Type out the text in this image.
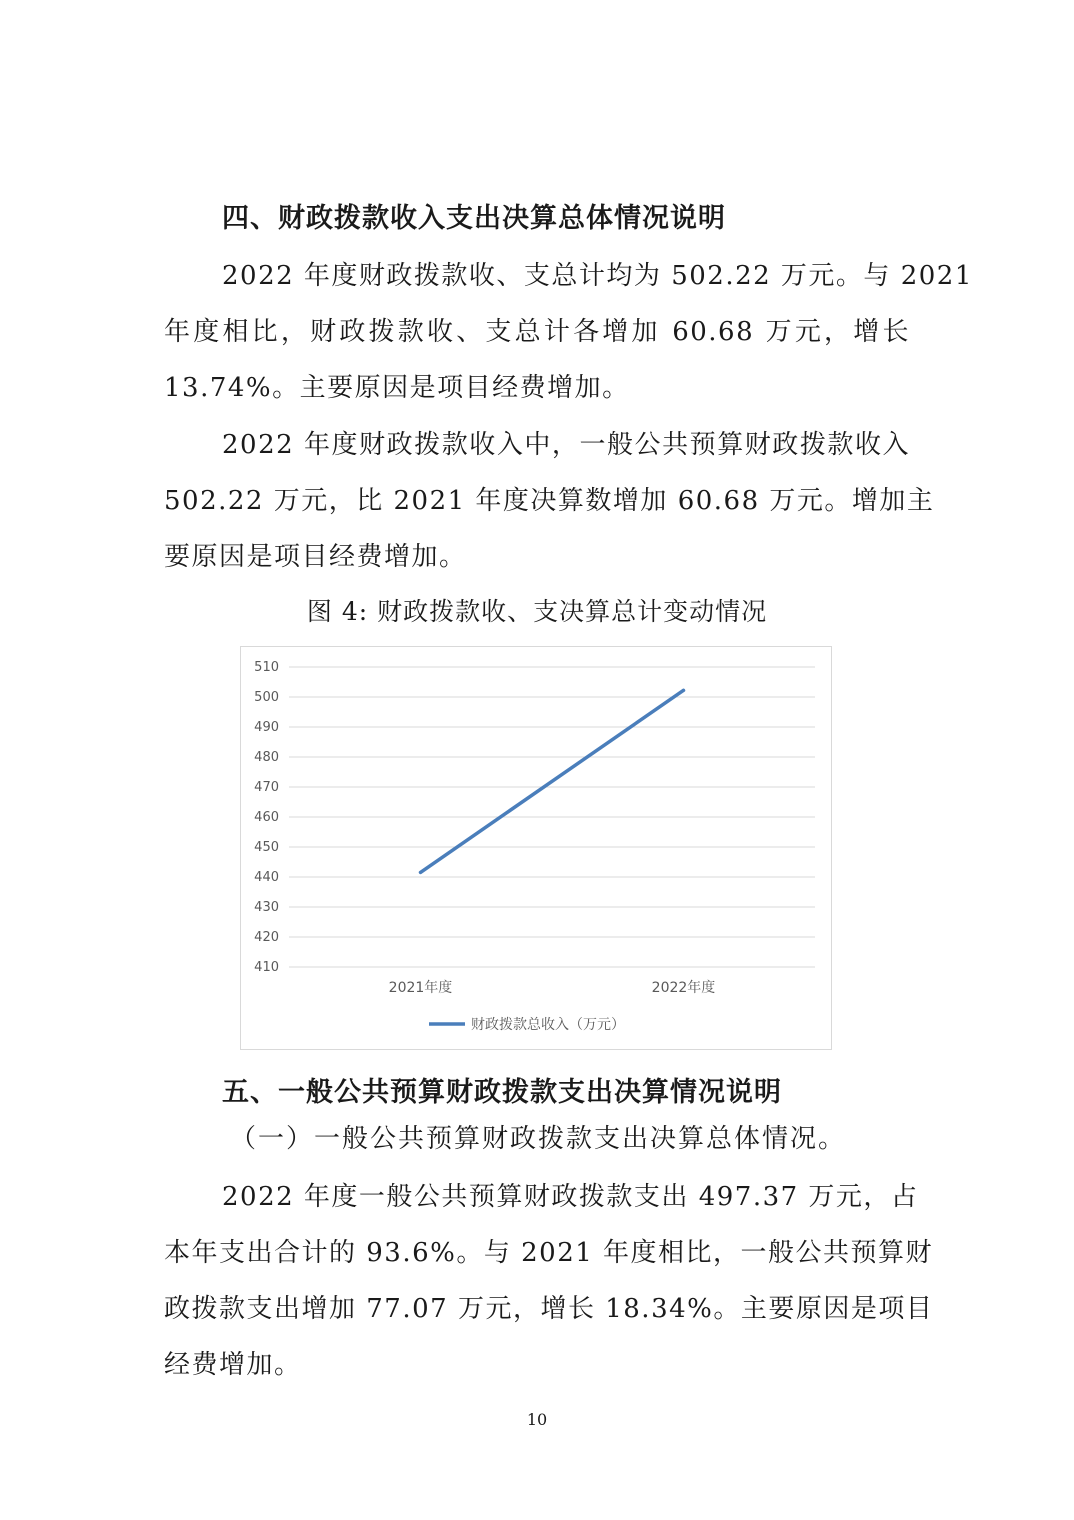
四、财政拨款收入支出决算总体情况说明

2022 年度财政拨款收、支总计均为 502.22 万元。与 2021

年度相比，财政拨款收、支总计各增加 60.68 万元，增长

13.74%。主要原因是项目经费增加。

2022 年度财政拨款收入中，一般公共预算财政拨款收入

502.22 万元，比 2021 年度决算数增加 60.68 万元。增加主

要原因是项目经费增加。

图 4: 财政拨款收、支决算总计变动情况
410
420
430
440
450
460
470
480
490
500
510
2021年度	2022年度
财政拨款总收入（万元）
五、一般公共预算财政拨款支出决算情况说明

（一）一般公共预算财政拨款支出决算总体情况。

2022 年度一般公共预算财政拨款支出 497.37 万元，占

本年支出合计的 93.6%。与 2021 年度相比，一般公共预算财

政拨款支出增加 77.07 万元，增长 18.34%。主要原因是项目

经费增加。

10
